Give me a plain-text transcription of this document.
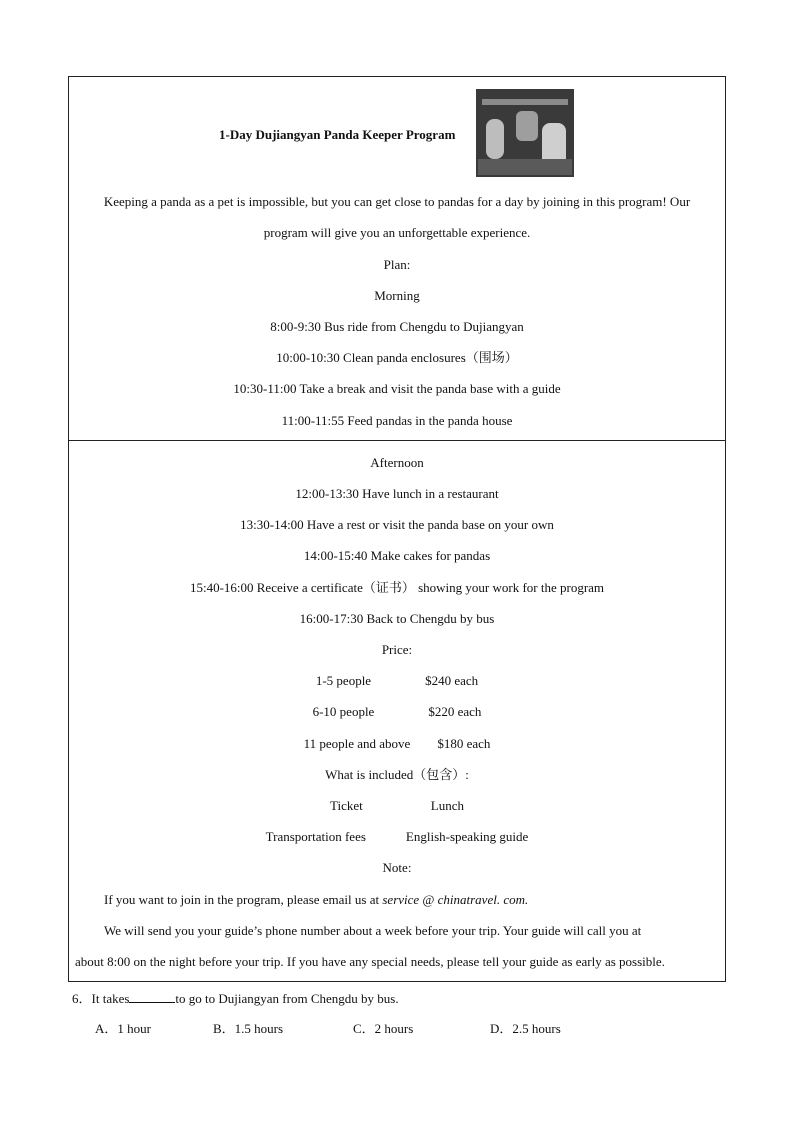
1-Day Dujiangyan Panda Keeper Program
Keeping a panda as a pet is impossible, but you can get close to pandas for a day by joining in this program! Our
program will give you an unforgettable experience.
Plan:
Morning
8:00-9:30 Bus ride from Chengdu to Dujiangyan
10:00-10:30 Clean panda enclosures（围场）
10:30-11:00 Take a break and visit the panda base with a guide
11:00-11:55 Feed pandas in the panda house
Afternoon
12:00-13:30 Have lunch in a restaurant
13:30-14:00 Have a rest or visit the panda base on your own
14:00-15:40 Make cakes for pandas
15:40-16:00 Receive a certificate（证书） showing your work for the program
16:00-17:30 Back to Chengdu by bus
Price:
1-5 people	$240 each
6-10 people	$220 each
11 people and above $180 each
What is included（包含）:
Ticket	Lunch
Transportation fees	English-speaking guide
Note:
If you want to join in the program, please email us at service @ chinatravel. com.
We will send you your guide’s phone number about a week before your trip. Your guide will call you at
about 8:00 on the night before your trip. If you have any special needs, please tell your guide as early as possible.
6．It takes	to go to Dujiangyan from Chengdu by bus.
A．1 hour	B．1.5 hours	C．2 hours	D．2.5 hours
